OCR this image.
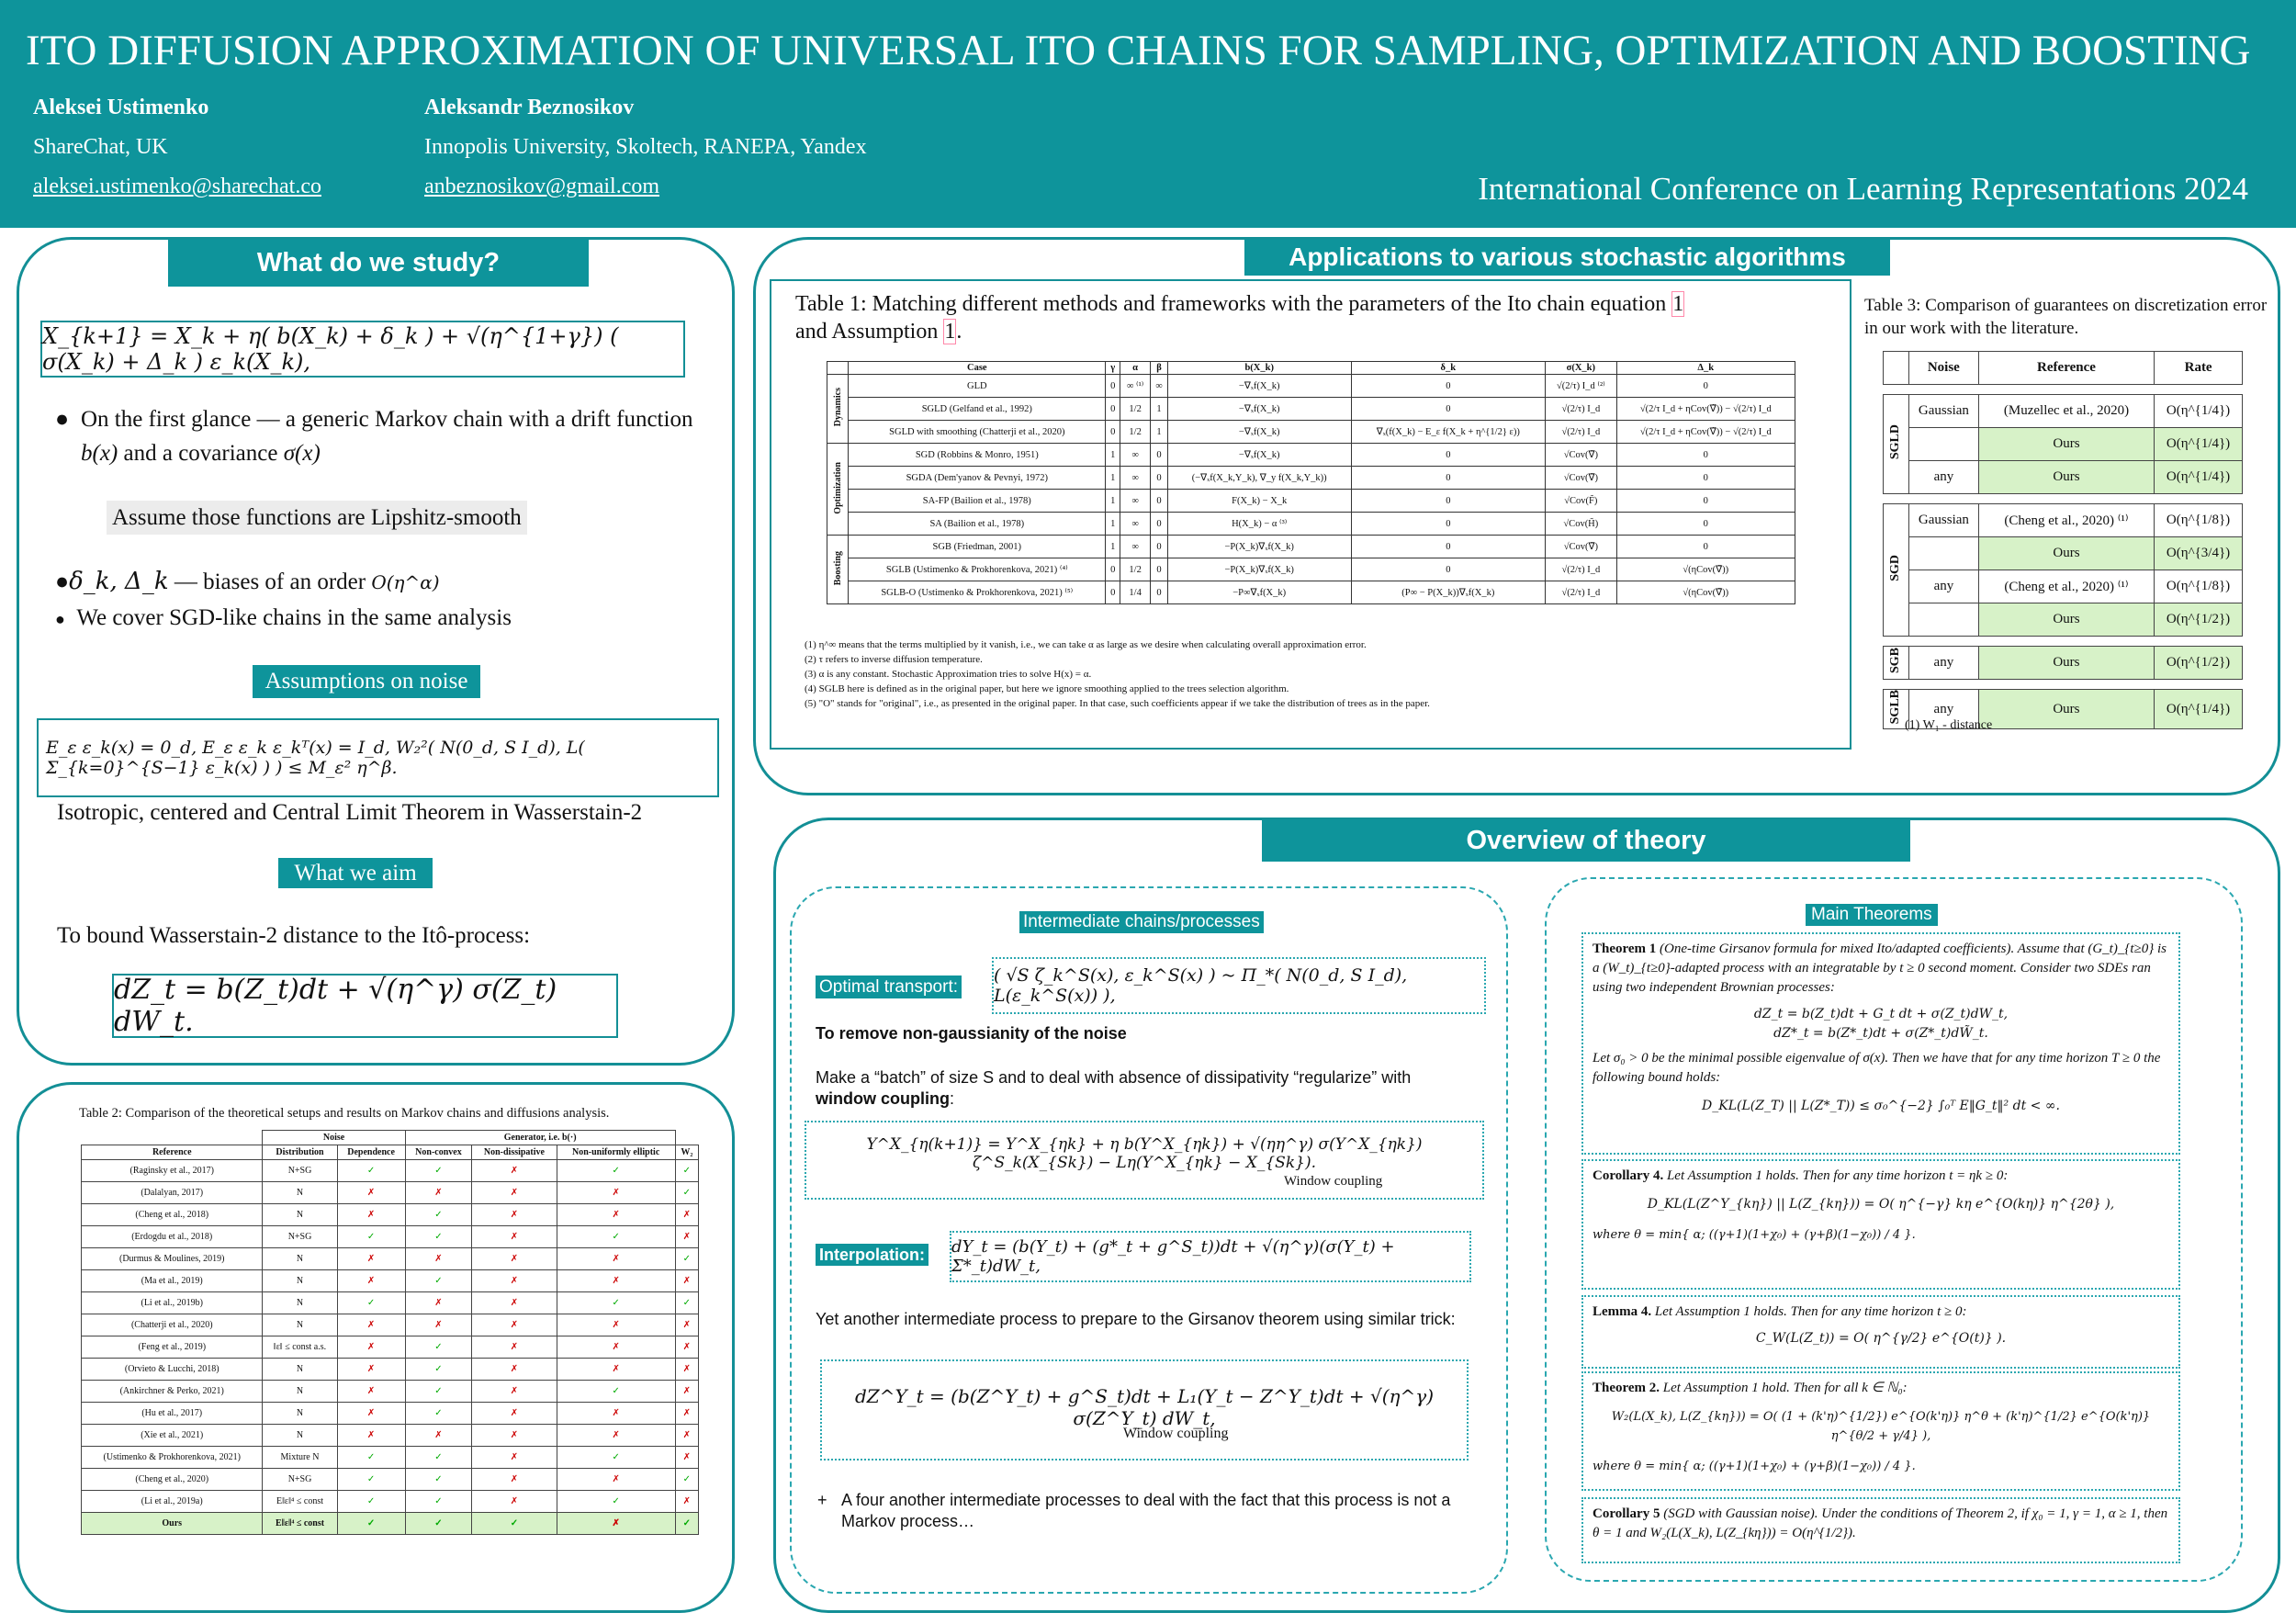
ITO DIFFUSION APPROXIMATION OF UNIVERSAL ITO CHAINS FOR SAMPLING, OPTIMIZATION AND BOOSTING
Aleksei Ustimenko
ShareChat, UK
aleksei.ustimenko@sharechat.co
Aleksandr Beznosikov
Innopolis University, Skoltech, RANEPA, Yandex
anbeznosikov@gmail.com	International Conference on Learning Representations 2024
What do we study?
X_{k+1} = X_k + η( b(X_k) + δ_k ) + √(η^{1+γ}) ( σ(X_k) + Δ_k ) ε_k(X_k),
● On the first glance — a generic Markov chain with a drift function b(x) and a covariance σ(x)
Assume those functions are Lipshitz-smooth
●δ_k, Δ_k — biases of an order O(η^α)
● We cover SGD-like chains in the same analysis
Assumptions on noise
E_ε ε_k(x) = 0_d, E_ε ε_k ε_kᵀ(x) = I_d, W₂²( N(0_d, S I_d), L( Σ_{k=0}^{S−1} ε_k(x) ) ) ≤ M_ε² η^β.
Isotropic, centered and Central Limit Theorem in Wasserstain-2
What we aim
To bound Wasserstain-2 distance to the Itô-process:
dZ_t = b(Z_t)dt + √(η^γ) σ(Z_t) dW_t.
Table 2: Comparison of the theoretical setups and results on Markov chains and diffusions analysis.
	Noise		Generator, i.e. b(·)			
Reference	Distribution	Dependence	Non-convex	Non-dissipative	Non-uniformly elliptic	W₂
(Raginsky et al., 2017)	N+SG	✓	✓	✗	✓	✓
(Dalalyan, 2017)	N	✗	✗	✗	✗	✓
(Cheng et al., 2018)	N	✗	✓	✗	✗	✗
(Erdogdu et al., 2018)	N+SG	✓	✓	✗	✓	✗
(Durmus & Moulines, 2019)	N	✗	✗	✗	✗	✓
(Ma et al., 2019)	N	✗	✓	✗	✗	✗
(Li et al., 2019b)	N	✓	✗	✗	✓	✓
(Chatterji et al., 2020)	N	✗	✗	✗	✗	✗
(Feng et al., 2019)	‖ε‖ ≤ const a.s.	✗	✓	✗	✗	✗
(Orvieto & Lucchi, 2018)	N	✗	✓	✗	✗	✗
(Ankirchner & Perko, 2021)	N	✗	✓	✗	✓	✗
(Hu et al., 2017)	N	✗	✓	✗	✗	✗
(Xie et al., 2021)	N	✗	✗	✗	✗	✗
(Ustimenko & Prokhorenkova, 2021)	Mixture N	✓	✓	✗	✓	✗
(Cheng et al., 2020)	N+SG	✓	✓	✗	✗	✓
(Li et al., 2019a)	E‖ε‖⁴ ≤ const	✓	✓	✗	✓	✗
Ours	E‖ε‖⁴ ≤ const	✓	✓	✓	✗	✓
Applications to various stochastic algorithms
Table 1: Matching different methods and frameworks with the parameters of the Ito chain equation 1
and Assumption 1.
	Case	γ	α	β	b(X_k)	δ_k	σ(X_k)	Δ_k
Dynamics	GLD	0	∞ ⁽¹⁾	∞	−∇ₓf(X_k)	0	√(2/τ) I_d ⁽²⁾	0
	SGLD (Gelfand et al., 1992)	0	1/2	1	−∇ₓf(X_k)	0	√(2/τ) I_d	√(2/τ I_d + ηCov(∇̃)) − √(2/τ) I_d
	SGLD with smoothing (Chatterji et al., 2020)	0	1/2	1	−∇ₓf(X_k)	∇ₓ(f(X_k) − E_ε f(X_k + η^{1/2} ε))	√(2/τ) I_d	√(2/τ I_d + ηCov(∇̃)) − √(2/τ) I_d
Optimization	SGD (Robbins & Monro, 1951)	1	∞	0	−∇ₓf(X_k)	0	√Cov(∇̃)	0
	SGDA (Dem'yanov & Pevnyi, 1972)	1	∞	0	(−∇ₓf(X_k,Y_k), ∇_y f(X_k,Y_k))	0	√Cov(∇̃)	0
	SA-FP (Bailion et al., 1978)	1	∞	0	F(X_k) − X_k	0	√Cov(F̃)	0
	SA (Bailion et al., 1978)	1	∞	0	H(X_k) − α ⁽³⁾	0	√Cov(H̃)	0
Boosting	SGB (Friedman, 2001)	1	∞	0	−P(X_k)∇ₓf(X_k)	0	√Cov(∇̃)	0
	SGLB (Ustimenko & Prokhorenkova, 2021) ⁽⁴⁾	0	1/2	0	−P(X_k)∇ₓf(X_k)	0	√(2/τ) I_d	√(ηCov(∇̃))
	SGLB-O (Ustimenko & Prokhorenkova, 2021) ⁽⁵⁾	0	1/4	0	−P∞∇ₓf(X_k)	(P∞ − P(X_k))∇ₓf(X_k)	√(2/τ) I_d	√(ηCov(∇̃))
(1) η^∞ means that the terms multiplied by it vanish, i.e., we can take α as large as we desire when calculating overall approximation error.
(2) τ refers to inverse diffusion temperature.
(3) α is any constant. Stochastic Approximation tries to solve H(x) = α.
(4) SGLB here is defined as in the original paper, but here we ignore smoothing applied to the trees selection algorithm.
(5) "O" stands for "original", i.e., as presented in the original paper. In that case, such coefficients appear if we take the distribution of trees as in the paper.
Table 3: Comparison of guarantees on discretization error in our work with the literature.
	Noise	Reference	Rate
SGLD	Gaussian	(Muzellec et al., 2020)	O(η^{1/4})
		Ours	O(η^{1/4})
	any	Ours	O(η^{1/4})
SGD	Gaussian	(Cheng et al., 2020) ⁽¹⁾	O(η^{1/8})
		Ours	O(η^{3/4})
	any	(Cheng et al., 2020) ⁽¹⁾	O(η^{1/8})
		Ours	O(η^{1/2})
SGB	any	Ours	O(η^{1/2})
SGLB	any	Ours	O(η^{1/4})
(1) W₁ - distance
Overview of theory
Intermediate chains/processes
Optimal transport:
( √S ζ_k^S(x), ε_k^S(x) ) ~ Π_*( N(0_d, S I_d), L(ε_k^S(x)) ),
To remove non-gaussianity of the noise
Make a “batch” of size S and to deal with absence of dissipativity “regularize” with window coupling:
Y^X_{η(k+1)} = Y^X_{ηk} + η b(Y^X_{ηk}) + √(ηη^γ) σ(Y^X_{ηk}) ζ^S_k(X_{Sk}) − Lη(Y^X_{ηk} − X_{Sk}).
Window coupling
Interpolation: dY_t = (b(Y_t) + (g*_t + g^S_t))dt + √(η^γ)(σ(Y_t) + Σ*_t)dW_t,
Yet another intermediate process to prepare to the Girsanov theorem using similar trick:
dZ^Y_t = (b(Z^Y_t) + g^S_t)dt + L₁(Y_t − Z^Y_t)dt + √(η^γ) σ(Z^Y_t) dW_t,
Window coupling
+ A four another intermediate processes to deal with the fact that this process is not a Markov process…
Main Theorems
Theorem 1 (One-time Girsanov formula for mixed Ito/adapted coefficients). Assume that (G_t)_{t≥0} is a (W_t)_{t≥0}-adapted process with an integratable by t ≥ 0 second moment. Consider two SDEs ran using two independent Brownian processes:
dZ_t = b(Z_t)dt + G_t dt + σ(Z_t)dW_t,
dZ*_t = b(Z*_t)dt + σ(Z*_t)dW̃_t.
Let σ₀ > 0 be the minimal possible eigenvalue of σ(x). Then we have that for any time horizon T ≥ 0 the following bound holds:
D_KL(L(Z_T) || L(Z*_T)) ≤ σ₀^{−2} ∫₀ᵀ E‖G_t‖² dt < ∞.
Corollary 4. Let Assumption 1 holds. Then for any time horizon t = ηk ≥ 0:
D_KL(L(Z^Y_{kη}) || L(Z_{kη})) = O( η^{−γ} kη e^{O(kη)} η^{2θ} ),
where θ = min{ α; ((γ+1)(1+χ₀) + (γ+β)(1−χ₀)) / 4 }.
Lemma 4. Let Assumption 1 holds. Then for any time horizon t ≥ 0:
C_W(L(Z_t)) = O( η^{γ/2} e^{O(t)} ).
Theorem 2. Let Assumption 1 hold. Then for all k ∈ ℕ₀:
W₂(L(X_k), L(Z_{kη})) = O( (1 + (k'η)^{1/2}) e^{O(k'η)} η^θ + (k'η)^{1/2} e^{O(k'η)} η^{θ/2 + γ/4} ),
where θ = min{ α; ((γ+1)(1+χ₀) + (γ+β)(1−χ₀)) / 4 }.
Corollary 5 (SGD with Gaussian noise). Under the conditions of Theorem 2, if χ₀ = 1, γ = 1, α ≥ 1, then θ = 1 and W₂(L(X_k), L(Z_{kη})) = O(η^{1/2}).
